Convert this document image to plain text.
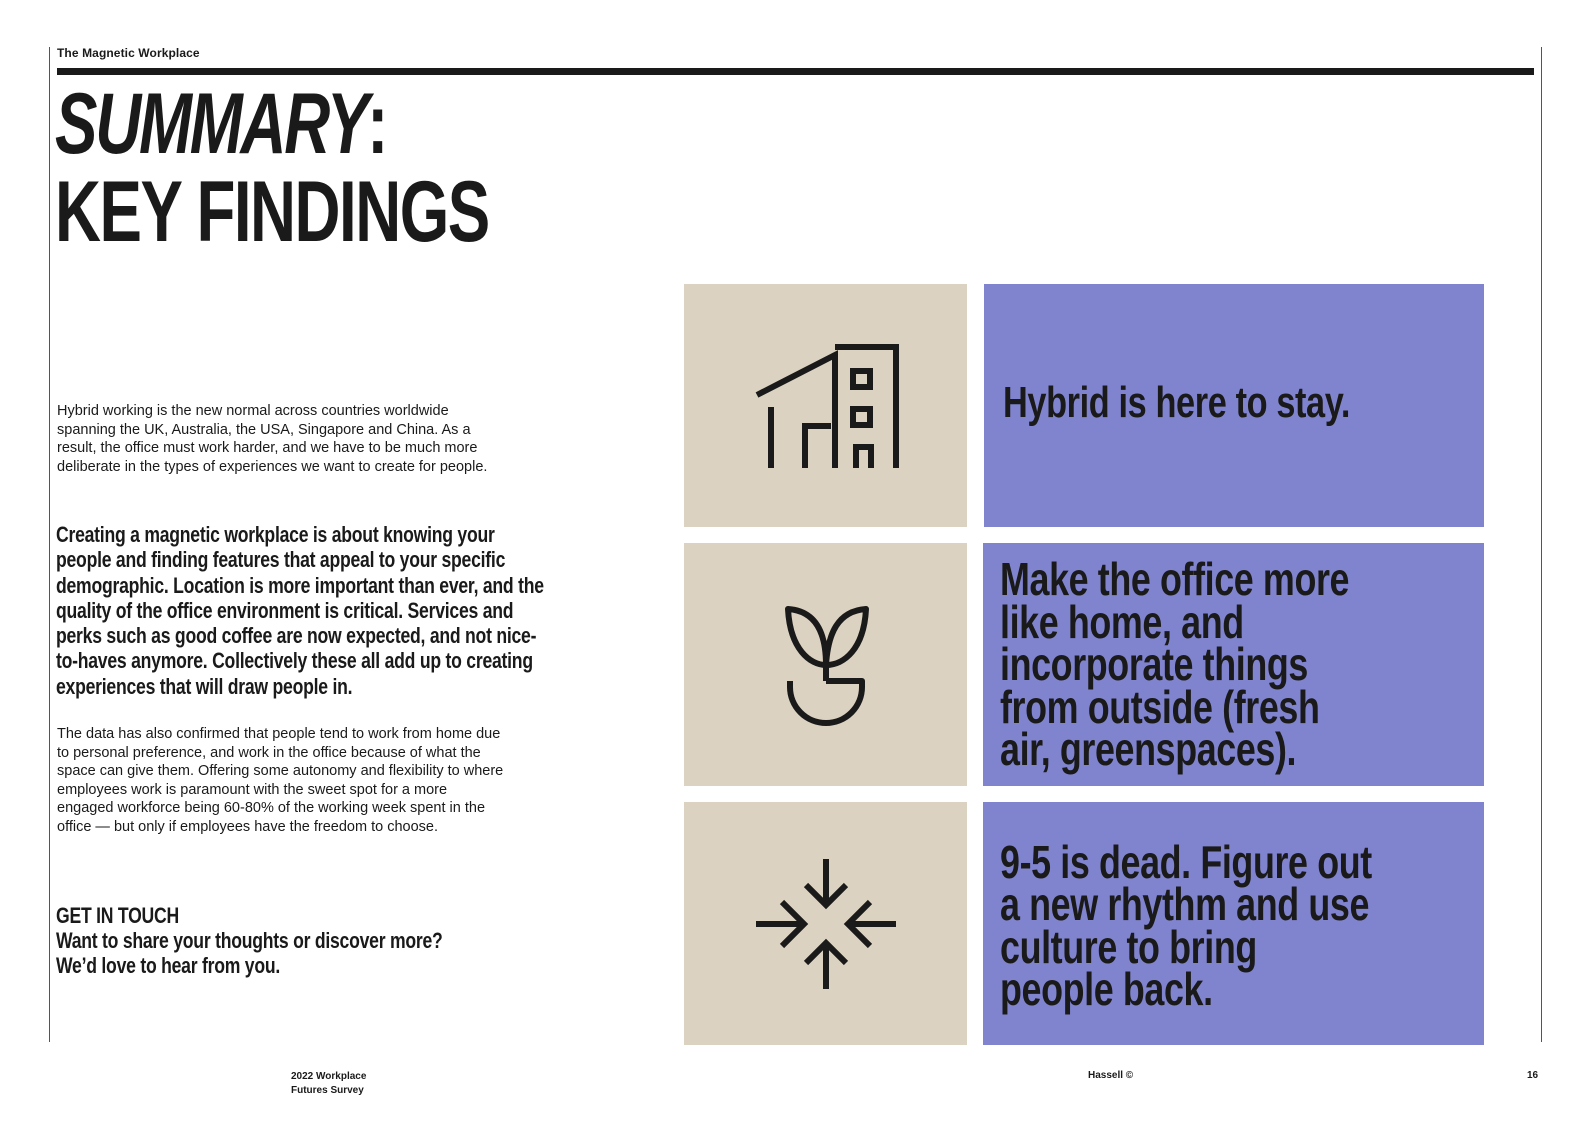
The Magnetic Workplace
SUMMARY:
KEY FINDINGS

Hybrid working is the new normal across countries worldwide spanning the UK, Australia, the USA, Singapore and China. As a result, the office must work harder, and we have to be much more deliberate in the types of experiences we want to create for people.

Creating a magnetic workplace is about knowing your people and finding features that appeal to your specific demographic. Location is more important than ever, and the quality of the office environment is critical. Services and perks such as good coffee are now expected, and not nice-to-haves anymore. Collectively these all add up to creating experiences that will draw people in.

The data has also confirmed that people tend to work from home due to personal preference, and work in the office because of what the space can give them. Offering some autonomy and flexibility to where employees work is paramount with the sweet spot for a more engaged workforce being 60-80% of the working week spent in the office — but only if employees have the freedom to choose.

GET IN TOUCH
Want to share your thoughts or discover more?
We’d love to hear from you.
Hybrid is here to stay.
Make the office more like home, and incorporate things from outside (fresh air, greenspaces).
9-5 is dead. Figure out a new rhythm and use culture to bring people back.
2022 Workplace
Futures Survey
Hassell ©	16
